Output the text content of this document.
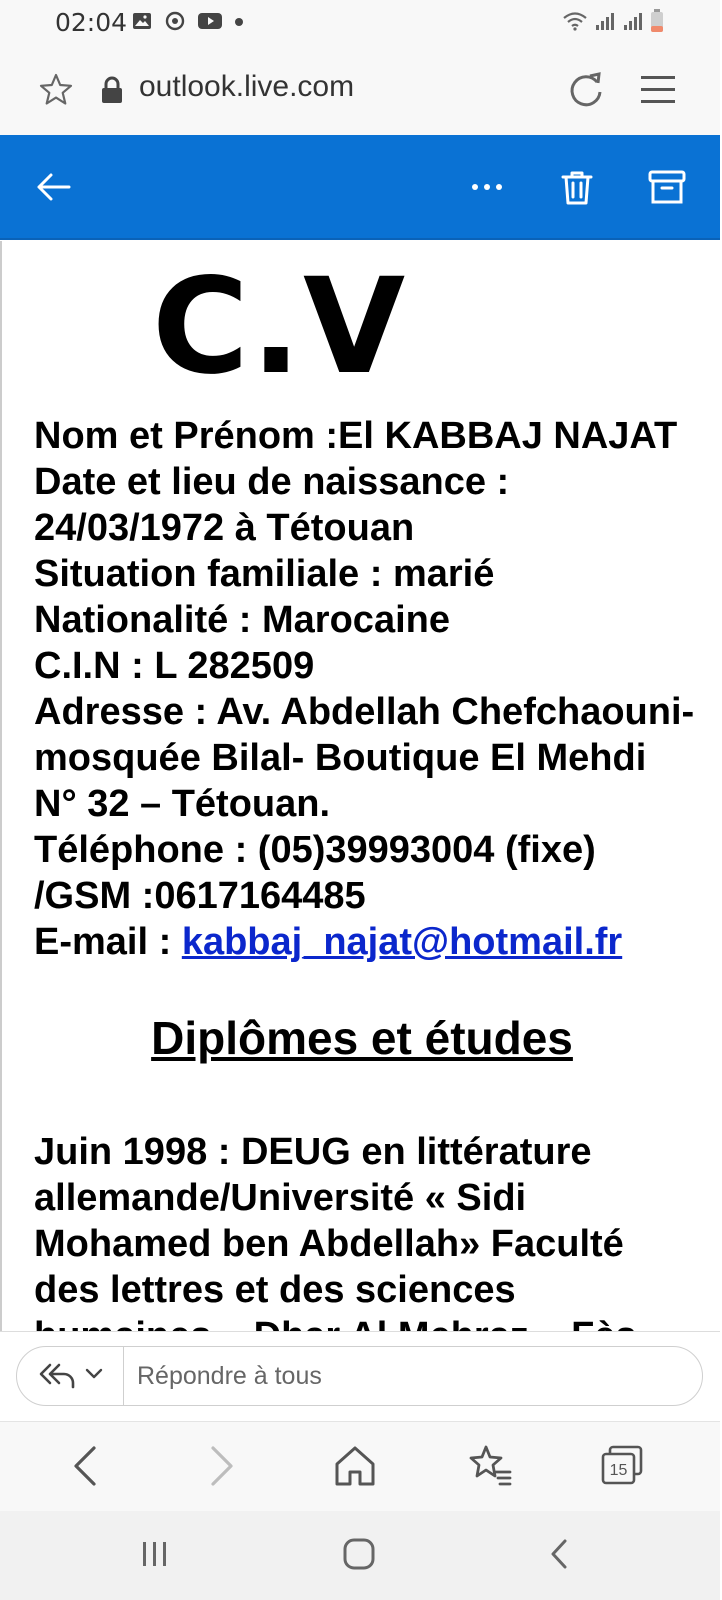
02:04
outlook.live.com
C.V
Nom et Prénom :El KABBAJ NAJAT
Date et lieu de naissance :
24/03/1972 à Tétouan
Situation familiale : marié
Nationalité : Marocaine
C.I.N : L 282509
Adresse : Av. Abdellah Chefchaouni-
mosquée Bilal- Boutique El Mehdi
N° 32 – Tétouan.
Téléphone : (05)39993004 (fixe)
/GSM :0617164485
E-mail : kabbaj_najat@hotmail.fr
Diplômes et études
Juin 1998 : DEUG en littérature
allemande/Université « Sidi
Mohamed ben Abdellah» Faculté
des lettres et des sciences
Répondre à tous
15
